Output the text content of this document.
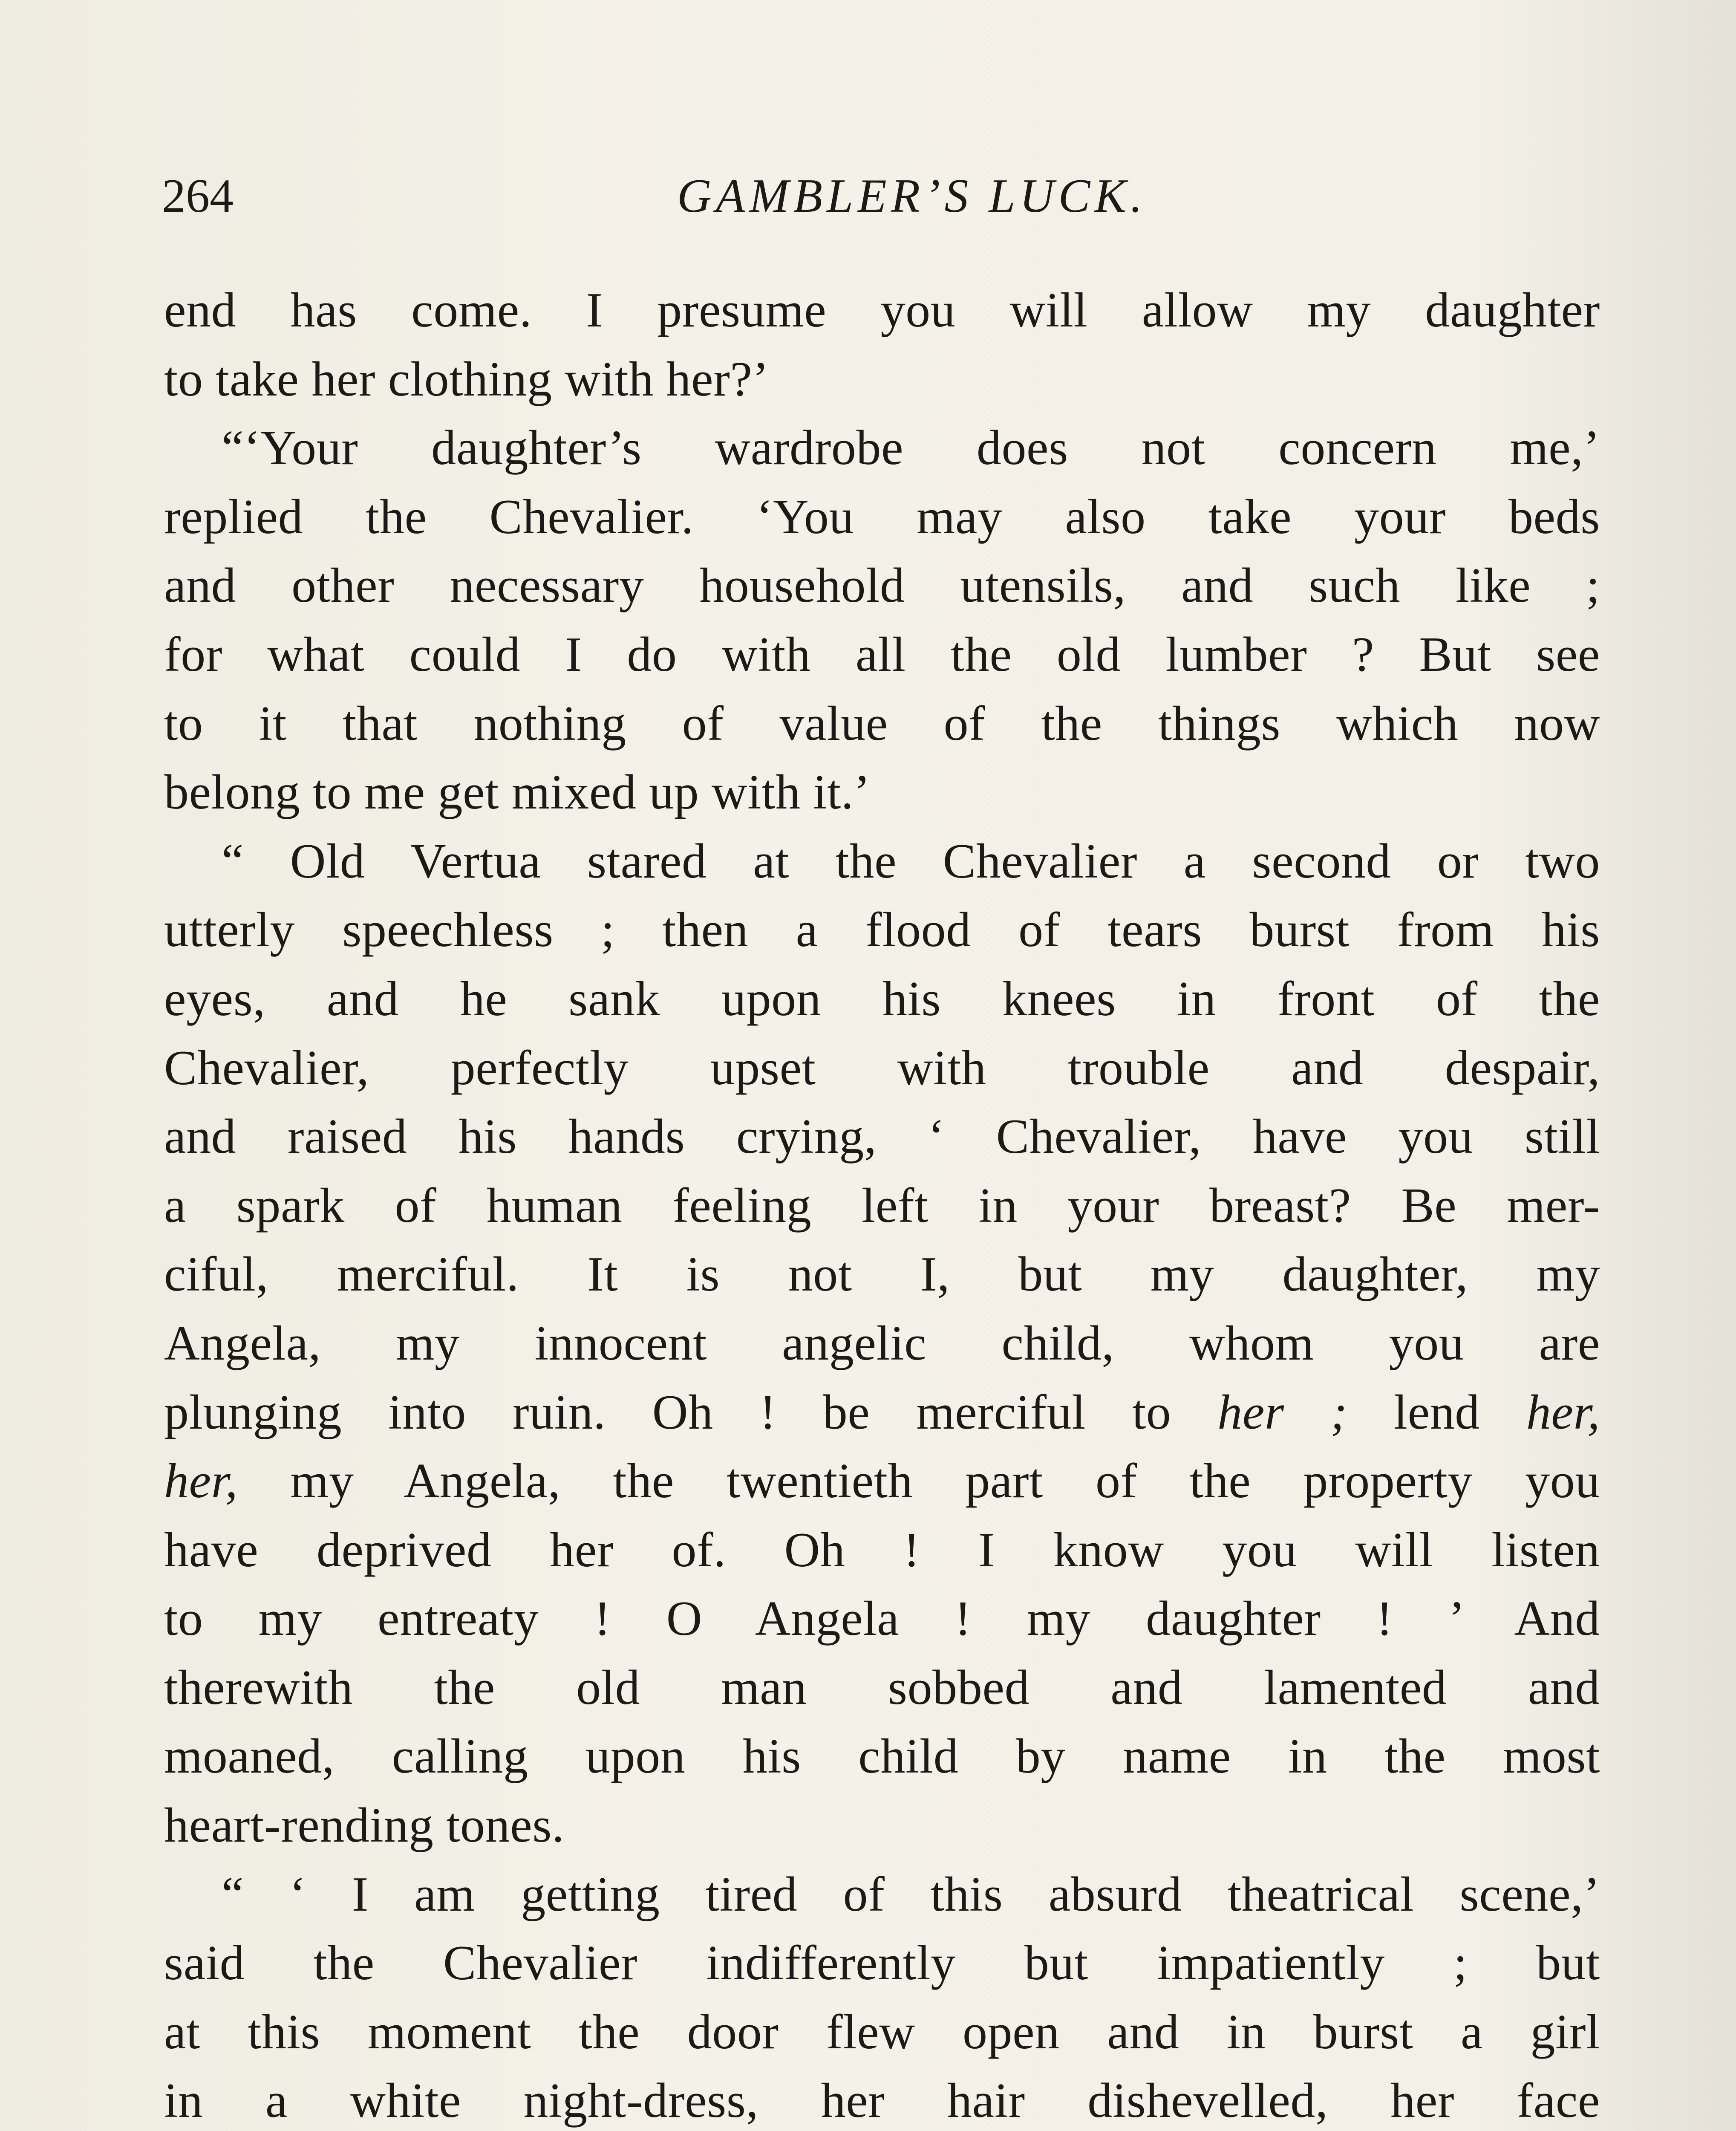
264	GAMBLER’S LUCK.
end has come. I presume you will allow my daughter
to take her clothing with her?’
“‘Your daughter’s wardrobe does not concern me,’
replied the Chevalier. ‘You may also take your beds
and other necessary household utensils, and such like ;
for what could I do with all the old lumber ? But see
to it that nothing of value of the things which now
belong to me get mixed up with it.’
“ Old Vertua stared at the Chevalier a second or two
utterly speechless ; then a flood of tears burst from his
eyes, and he sank upon his knees in front of the
Chevalier, perfectly upset with trouble and despair,
and raised his hands crying, ‘ Chevalier, have you still
a spark of human feeling left in your breast? Be mer-
ciful, merciful. It is not I, but my daughter, my
Angela, my innocent angelic child, whom you are
plunging into ruin. Oh ! be merciful to her ; lend her,
her, my Angela, the twentieth part of the property you
have deprived her of. Oh ! I know you will listen
to my entreaty ! O Angela ! my daughter ! ’ And
therewith the old man sobbed and lamented and
moaned, calling upon his child by name in the most
heart-rending tones.
“ ‘ I am getting tired of this absurd theatrical scene,’
said the Chevalier indifferently but impatiently ; but
at this moment the door flew open and in burst a girl
in a white night-dress, her hair dishevelled, her face
